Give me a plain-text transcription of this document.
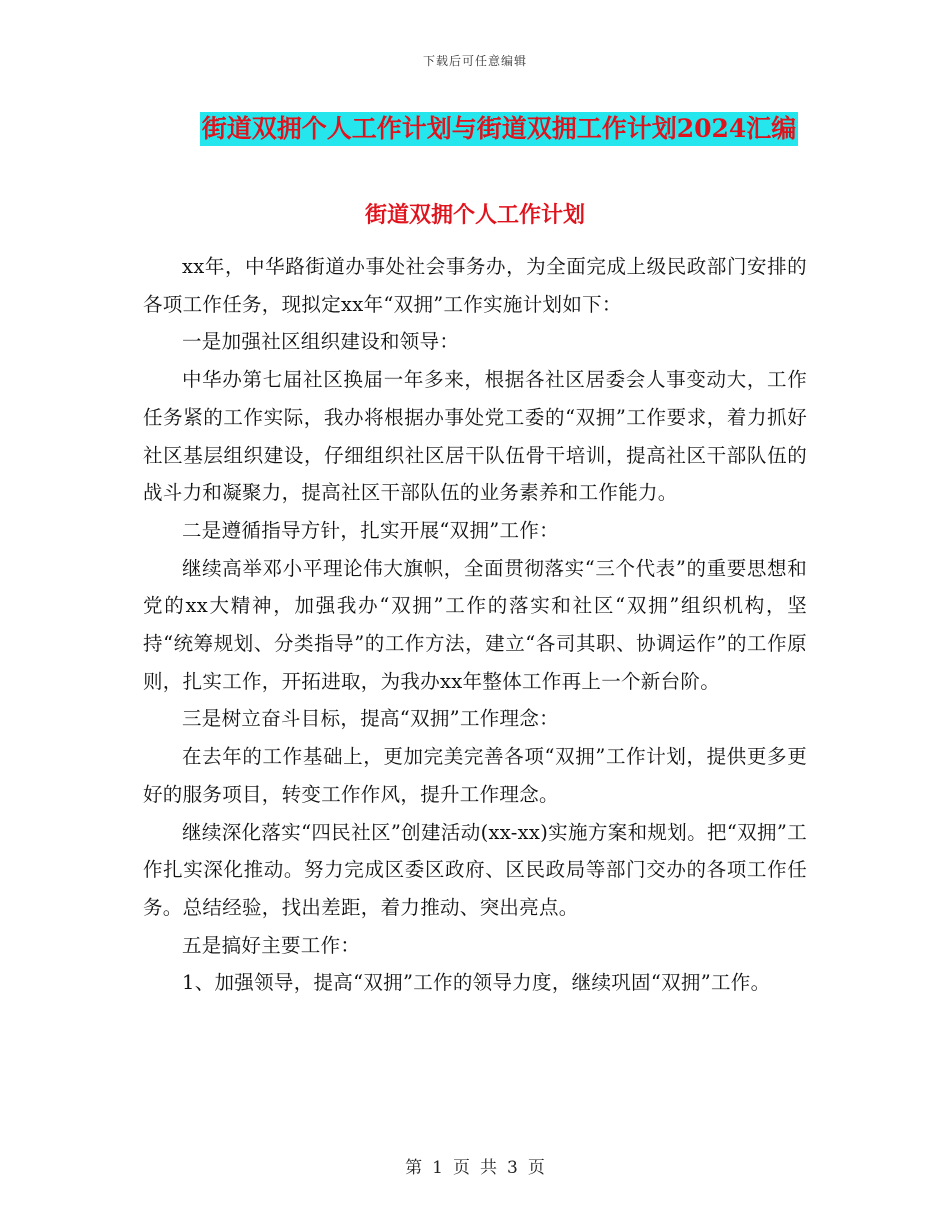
下载后可任意编辑
街道双拥个人工作计划与街道双拥工作计划2024汇编
街道双拥个人工作计划

xx年，中华路街道办事处社会事务办，为全面完成上级民政部门安排的各项工作任务，现拟定xx年“双拥”工作实施计划如下：

一是加强社区组织建设和领导：

中华办第七届社区换届一年多来，根据各社区居委会人事变动大，工作任务紧的工作实际，我办将根据办事处党工委的“双拥”工作要求，着力抓好社区基层组织建设，仔细组织社区居干队伍骨干培训，提高社区干部队伍的战斗力和凝聚力，提高社区干部队伍的业务素养和工作能力。

二是遵循指导方针，扎实开展“双拥”工作：

继续高举邓小平理论伟大旗帜，全面贯彻落实“三个代表”的重要思想和党的xx大精神，加强我办“双拥”工作的落实和社区“双拥”组织机构，坚持“统筹规划、分类指导”的工作方法，建立“各司其职、协调运作”的工作原则，扎实工作，开拓进取，为我办xx年整体工作再上一个新台阶。

三是树立奋斗目标，提高“双拥”工作理念：

在去年的工作基础上，更加完美完善各项“双拥”工作计划，提供更多更好的服务项目，转变工作作风，提升工作理念。

继续深化落实“四民社区”创建活动(xx-xx)实施方案和规划。把“双拥”工作扎实深化推动。努力完成区委区政府、区民政局等部门交办的各项工作任务。总结经验，找出差距，着力推动、突出亮点。

五是搞好主要工作：

1、加强领导，提高“双拥”工作的领导力度，继续巩固“双拥”工作。

第 1 页 共 3 页
